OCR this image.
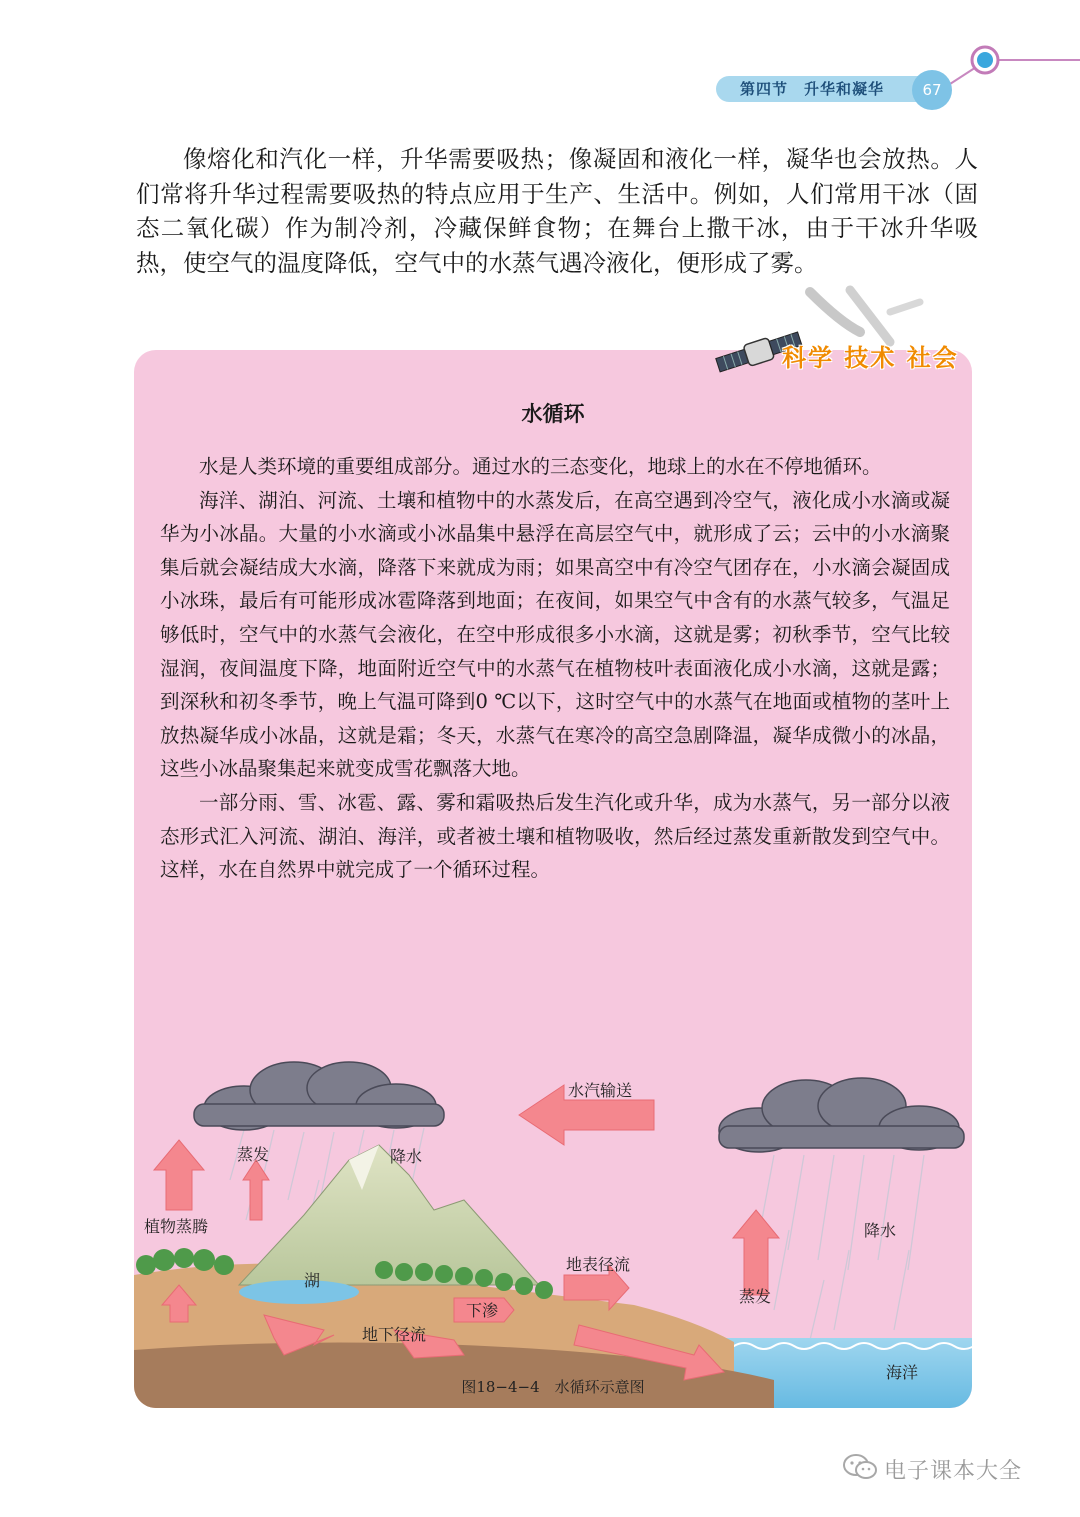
第四节　升华和凝华	67

像熔化和汽化一样，升华需要吸热；像凝固和液化一样，凝华也会放热。人们常将升华过程需要吸热的特点应用于生产、生活中。例如，人们常用干冰（固态二氧化碳）作为制冷剂，冷藏保鲜食物；在舞台上撒干冰，由于干冰升华吸热，使空气的温度降低，空气中的水蒸气遇冷液化，便形成了雾。

科学 技术 社会
水循环

水是人类环境的重要组成部分。通过水的三态变化，地球上的水在不停地循环。

海洋、湖泊、河流、土壤和植物中的水蒸发后，在高空遇到冷空气，液化成小水滴或凝华为小冰晶。大量的小水滴或小冰晶集中悬浮在高层空气中，就形成了云；云中的小水滴聚集后就会凝结成大水滴，降落下来就成为雨；如果高空中有冷空气团存在，小水滴会凝固成小冰珠，最后有可能形成冰雹降落到地面；在夜间，如果空气中含有的水蒸气较多，气温足够低时，空气中的水蒸气会液化，在空中形成很多小水滴，这就是雾；初秋季节，空气比较湿润，夜间温度下降，地面附近空气中的水蒸气在植物枝叶表面液化成小水滴，这就是露；到深秋和初冬季节，晚上气温可降到0 ℃以下，这时空气中的水蒸气在地面或植物的茎叶上放热凝华成小冰晶，这就是霜；冬天，水蒸气在寒冷的高空急剧降温，凝华成微小的冰晶，这些小冰晶聚集起来就变成雪花飘落大地。

一部分雨、雪、冰雹、露、雾和霜吸热后发生汽化或升华，成为水蒸气，另一部分以液态形式汇入河流、湖泊、海洋，或者被土壤和植物吸收，然后经过蒸发重新散发到空气中。这样，水在自然界中就完成了一个循环过程。

水汽输送
蒸发	降水
植物蒸腾
湖
地表径流
下渗
地下径流
降水
蒸发
海洋
图18−4−4　水循环示意图
电子课本大全
